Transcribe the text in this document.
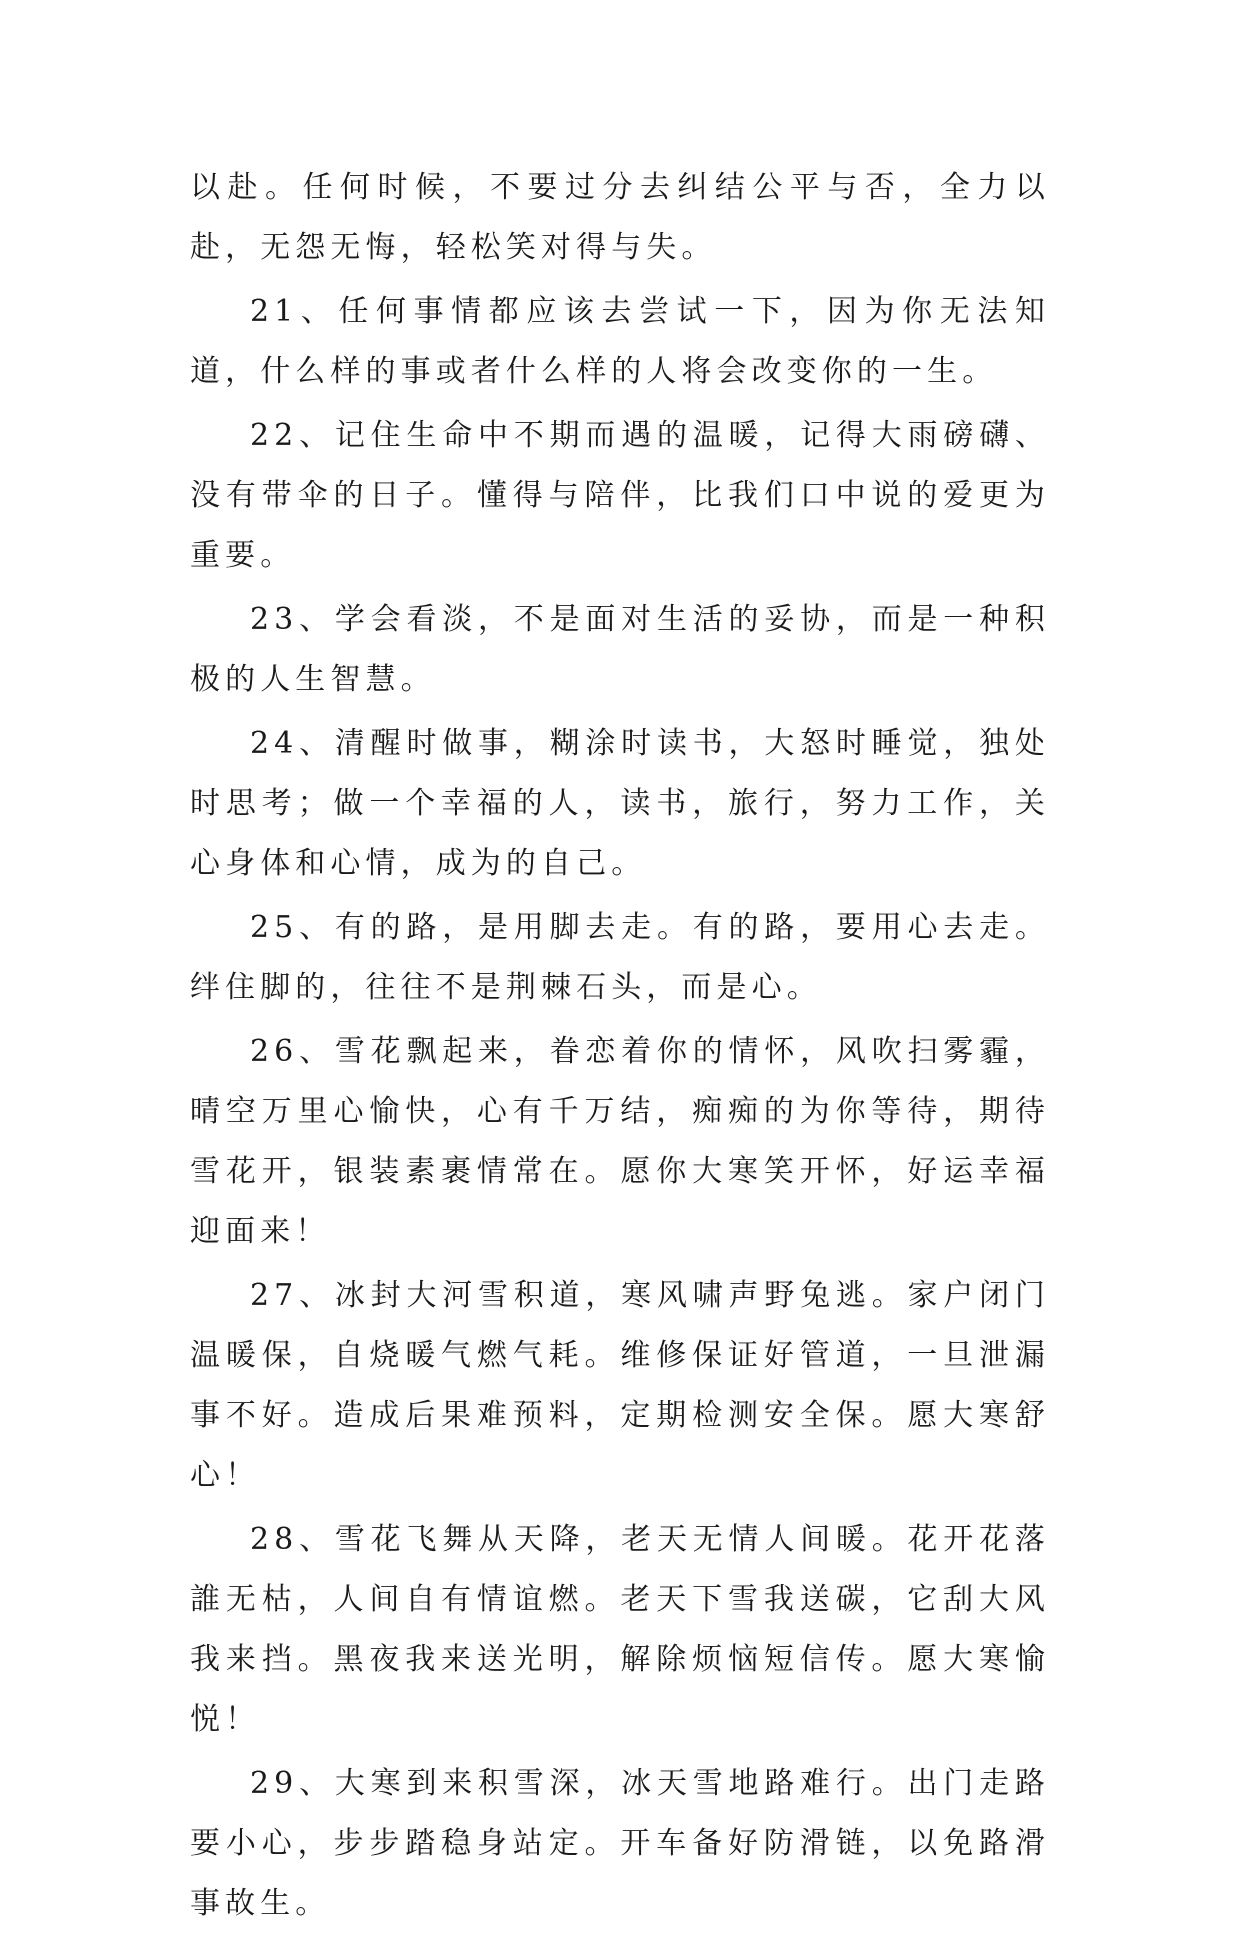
以赴。任何时候，不要过分去纠结公平与否，全力以赴，无怨无悔，轻松笑对得与失。

21、任何事情都应该去尝试一下，因为你无法知道，什么样的事或者什么样的人将会改变你的一生。

22、记住生命中不期而遇的温暖，记得大雨磅礴、没有带伞的日子。懂得与陪伴，比我们口中说的爱更为重要。

23、学会看淡，不是面对生活的妥协，而是一种积极的人生智慧。

24、清醒时做事，糊涂时读书，大怒时睡觉，独处时思考；做一个幸福的人，读书，旅行，努力工作，关心身体和心情，成为的自己。

25、有的路，是用脚去走。有的路，要用心去走。绊住脚的，往往不是荆棘石头，而是心。

26、雪花飘起来，眷恋着你的情怀，风吹扫雾霾，晴空万里心愉快，心有千万结，痴痴的为你等待，期待雪花开，银装素裹情常在。愿你大寒笑开怀，好运幸福迎面来！

27、冰封大河雪积道，寒风啸声野兔逃。家户闭门温暖保，自烧暖气燃气耗。维修保证好管道，一旦泄漏事不好。造成后果难预料，定期检测安全保。愿大寒舒心！

28、雪花飞舞从天降，老天无情人间暖。花开花落誰无枯，人间自有情谊燃。老天下雪我送碳，它刮大风我来挡。黑夜我来送光明，解除烦恼短信传。愿大寒愉悦！

29、大寒到来积雪深，冰天雪地路难行。出门走路要小心，步步踏稳身站定。开车备好防滑链，以免路滑事故生。
